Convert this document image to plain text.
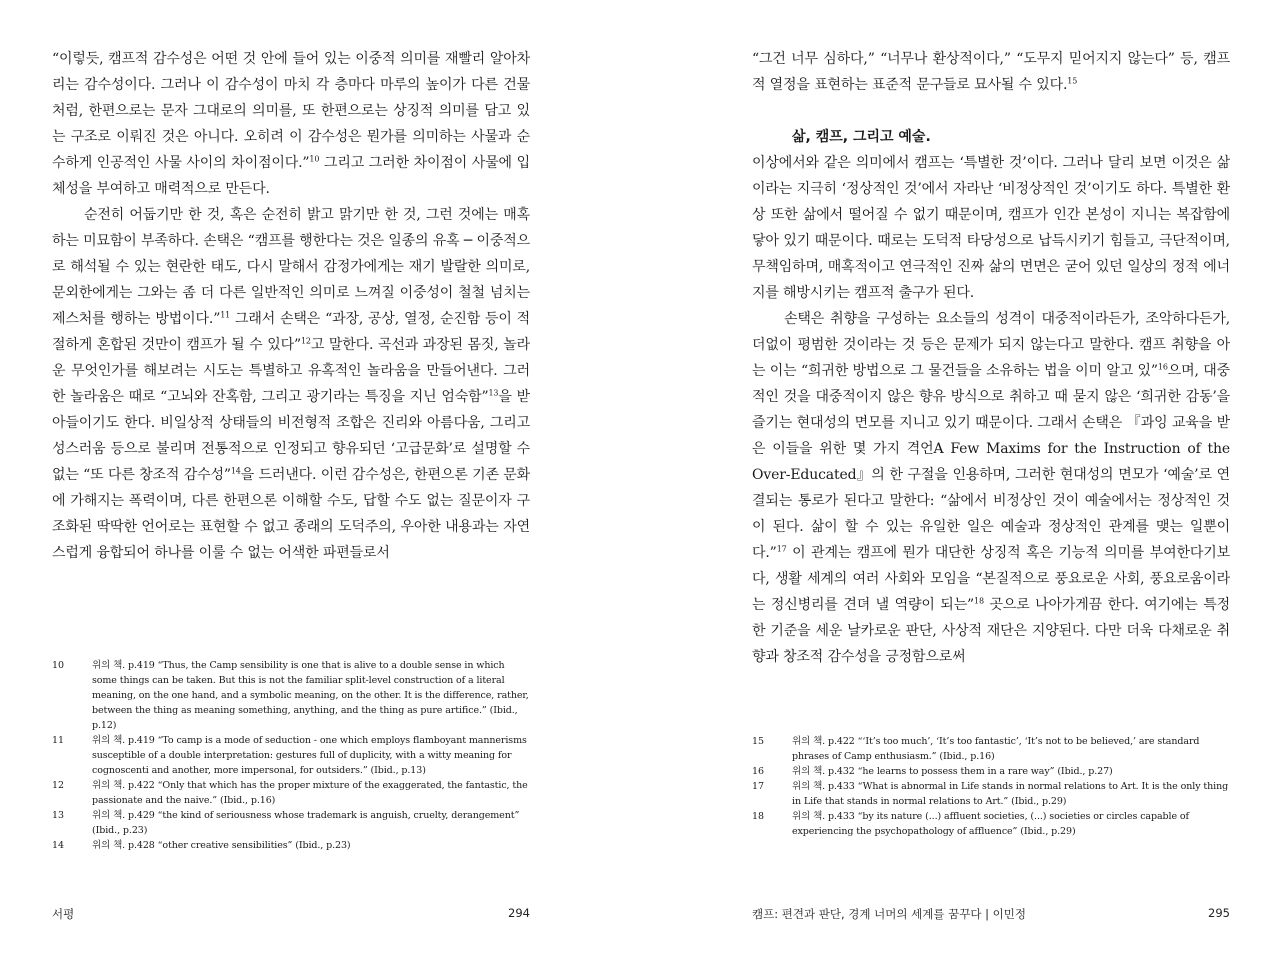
“이렇듯, 캠프적 감수성은 어떤 것 안에 들어 있는 이중적 의미를 재빨리 알아차리는 감수성이다. 그러나 이 감수성이 마치 각 층마다 마루의 높이가 다른 건물처럼, 한편으로는 문자 그대로의 의미를, 또 한편으로는 상징적 의미를 담고 있는 구조로 이뤄진 것은 아니다. 오히려 이 감수성은 뭔가를 의미하는 사물과 순수하게 인공적인 사물 사이의 차이점이다.”$^{10}$ 그리고 그러한 차이점이 사물에 입체성을 부여하고 매력적으로 만든다.

순전히 어둡기만 한 것, 혹은 순전히 밝고 맑기만 한 것, 그런 것에는 매혹하는 미묘함이 부족하다. 손택은 “캠프를 행한다는 것은 일종의 유혹 ─ 이중적으로 해석될 수 있는 현란한 태도, 다시 말해서 감정가에게는 재기 발랄한 의미로, 문외한에게는 그와는 좀 더 다른 일반적인 의미로 느껴질 이중성이 철철 넘치는 제스처를 행하는 방법이다.”$^{11}$ 그래서 손택은 “과장, 공상, 열정, 순진함 등이 적절하게 혼합된 것만이 캠프가 될 수 있다”$^{12}$고 말한다. 곡선과 과장된 몸짓, 놀라운 무엇인가를 해보려는 시도는 특별하고 유혹적인 놀라움을 만들어낸다. 그러한 놀라움은 때로 “고뇌와 잔혹함, 그리고 광기라는 특징을 지닌 엄숙함”$^{13}$을 받아들이기도 한다. 비일상적 상태들의 비전형적 조합은 진리와 아름다움, 그리고 성스러움 등으로 불리며 전통적으로 인정되고 향유되던 ‘고급문화’로 설명할 수 없는 “또 다른 창조적 감수성”$^{14}$을 드러낸다. 이런 감수성은, 한편으론 기존 문화에 가해지는 폭력이며, 다른 한편으론 이해할 수도, 답할 수도 없는 질문이자 구조화된 딱딱한 언어로는 표현할 수 없고 종래의 도덕주의, 우아한 내용과는 자연스럽게 융합되어 하나를 이룰 수 없는 어색한 파편들로서

10	위의 책. p.419 “Thus, the Camp sensibility is one that is alive to a double sense in which some things can be taken. But this is not the familiar split-level construction of a literal meaning, on the one hand, and a symbolic meaning, on the other. It is the difference, rather, between the thing as meaning something, anything, and the thing as pure artifice.” (Ibid., p.12)
11	위의 책. p.419 “To camp is a mode of seduction - one which employs flamboyant mannerisms susceptible of a double interpretation: gestures full of duplicity, with a witty meaning for cognoscenti and another, more impersonal, for outsiders.” (Ibid., p.13)
12	위의 책. p.422 “Only that which has the proper mixture of the exaggerated, the fantastic, the passionate and the naive.” (Ibid., p.16)
13	위의 책. p.429 “the kind of seriousness whose trademark is anguish, cruelty, derangement” (Ibid., p.23)
14	위의 책. p.428 “other creative sensibilities” (Ibid., p.23)
서평	294

“그건 너무 심하다,” “너무나 환상적이다,” “도무지 믿어지지 않는다” 등, 캠프적 열정을 표현하는 표준적 문구들로 묘사될 수 있다.$^{15}$

삶, 캠프, 그리고 예술.

이상에서와 같은 의미에서 캠프는 ‘특별한 것’이다. 그러나 달리 보면 이것은 삶이라는 지극히 ‘정상적인 것’에서 자라난 ‘비정상적인 것’이기도 하다. 특별한 환상 또한 삶에서 떨어질 수 없기 때문이며, 캠프가 인간 본성이 지니는 복잡함에 닿아 있기 때문이다. 때로는 도덕적 타당성으로 납득시키기 힘들고, 극단적이며, 무책임하며, 매혹적이고 연극적인 진짜 삶의 면면은 굳어 있던 일상의 정적 에너지를 해방시키는 캠프적 출구가 된다.

손택은 취향을 구성하는 요소들의 성격이 대중적이라든가, 조악하다든가, 더없이 평범한 것이라는 것 등은 문제가 되지 않는다고 말한다. 캠프 취향을 아는 이는 “희귀한 방법으로 그 물건들을 소유하는 법을 이미 알고 있”$^{16}$으며, 대중적인 것을 대중적이지 않은 향유 방식으로 취하고 때 묻지 않은 ‘희귀한 감동’을 즐기는 현대성의 면모를 지니고 있기 때문이다. 그래서 손택은 『과잉 교육을 받은 이들을 위한 몇 가지 격언A Few Maxims for the Instruction of the Over-Educated』의 한 구절을 인용하며, 그러한 현대성의 면모가 ‘예술’로 연결되는 통로가 된다고 말한다: “삶에서 비정상인 것이 예술에서는 정상적인 것이 된다. 삶이 할 수 있는 유일한 일은 예술과 정상적인 관계를 맺는 일뿐이다.”$^{17}$ 이 관계는 캠프에 뭔가 대단한 상징적 혹은 기능적 의미를 부여한다기보다, 생활 세계의 여러 사회와 모임을 “본질적으로 풍요로운 사회, 풍요로움이라는 정신병리를 견뎌 낼 역량이 되는”$^{18}$ 곳으로 나아가게끔 한다. 여기에는 특정한 기준을 세운 날카로운 판단, 사상적 재단은 지양된다. 다만 더욱 다채로운 취향과 창조적 감수성을 긍정함으로써

15	위의 책. p.422 “‘It’s too much’, ‘It’s too fantastic’, ‘It’s not to be believed,’ are standard phrases of Camp enthusiasm.” (Ibid., p.16)
16	위의 책. p.432 “he learns to possess them in a rare way” (Ibid., p.27)
17	위의 책. p.433 “What is abnormal in Life stands in normal relations to Art. It is the only thing in Life that stands in normal relations to Art.” (Ibid., p.29)
18	위의 책. p.433 “by its nature (...) affluent societies, (...) societies or circles capable of experiencing the psychopathology of affluence” (Ibid., p.29)
캠프: 편견과 판단, 경계 너머의 세계를 꿈꾸다 | 이민정	295
